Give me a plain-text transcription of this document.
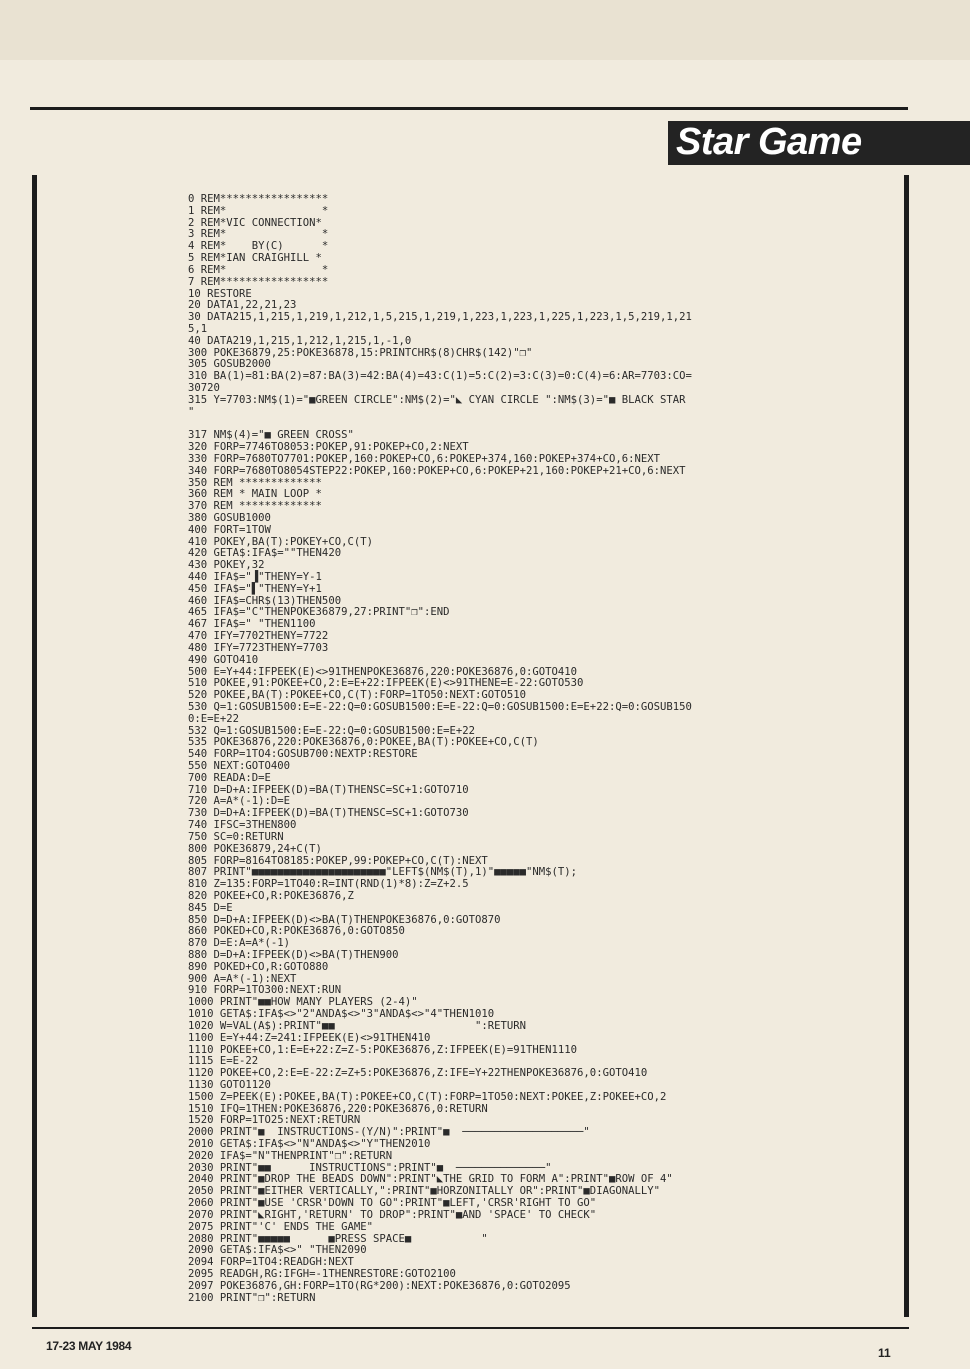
Star Game
0 REM*****************
1 REM*               *
2 REM*VIC CONNECTION*
3 REM*               *
4 REM*    BY(C)      *
5 REM*IAN CRAIGHILL *
6 REM*               *
7 REM*****************
10 RESTORE
20 DATA1,22,21,23
30 DATA215,1,215,1,219,1,212,1,5,215,1,219,1,223,1,223,1,225,1,223,1,5,219,1,21
5,1
40 DATA219,1,215,1,212,1,215,1,-1,0
300 POKE36879,25:POKE36878,15:PRINTCHR$(8)CHR$(142)"❒"
305 GOSUB2000
310 BA(1)=81:BA(2)=87:BA(3)=42:BA(4)=43:C(1)=5:C(2)=3:C(3)=0:C(4)=6:AR=7703:CO=
30720
315 Y=7703:NM$(1)="■GREEN CIRCLE":NM$(2)="◣ CYAN CIRCLE ":NM$(3)="■ BLACK STAR
"
317 NM$(4)="■ GREEN CROSS"
320 FORP=7746TO8053:POKEP,91:POKEP+CO,2:NEXT
330 FORP=7680TO7701:POKEP,160:POKEP+CO,6:POKEP+374,160:POKEP+374+CO,6:NEXT
340 FORP=7680TO8054STEP22:POKEP,160:POKEP+CO,6:POKEP+21,160:POKEP+21+CO,6:NEXT
350 REM *************
360 REM * MAIN LOOP *
370 REM *************
380 GOSUB1000
400 FORT=1TOW
410 POKEY,BA(T):POKEY+CO,C(T)
420 GETA$:IFA$=""THEN420
430 POKEY,32
440 IFA$="▐"THENY=Y-1
450 IFA$="▌"THENY=Y+1
460 IFA$=CHR$(13)THEN500
465 IFA$="C"THENPOKE36879,27:PRINT"❒":END
467 IFA$=" "THEN1100
470 IFY=7702THENY=7722
480 IFY=7723THENY=7703
490 GOTO410
500 E=Y+44:IFPEEK(E)<>91THENPOKE36876,220:POKE36876,0:GOTO410
510 POKEE,91:POKEE+CO,2:E=E+22:IFPEEK(E)<>91THENE=E-22:GOTO530
520 POKEE,BA(T):POKEE+CO,C(T):FORP=1TO50:NEXT:GOTO510
530 Q=1:GOSUB1500:E=E-22:Q=0:GOSUB1500:E=E-22:Q=0:GOSUB1500:E=E+22:Q=0:GOSUB150
0:E=E+22
532 Q=1:GOSUB1500:E=E-22:Q=0:GOSUB1500:E=E+22
535 POKE36876,220:POKE36876,0:POKEE,BA(T):POKEE+CO,C(T)
540 FORP=1TO4:GOSUB700:NEXTP:RESTORE
550 NEXT:GOTO400
700 READA:D=E
710 D=D+A:IFPEEK(D)=BA(T)THENSC=SC+1:GOTO710
720 A=A*(-1):D=E
730 D=D+A:IFPEEK(D)=BA(T)THENSC=SC+1:GOTO730
740 IFSC=3THEN800
750 SC=0:RETURN
800 POKE36879,24+C(T)
805 FORP=8164TO8185:POKEP,99:POKEP+CO,C(T):NEXT
807 PRINT"■■■■■■■■■■■■■■■■■■■■■"LEFT$(NM$(T),1)"■■■■■"NM$(T);
810 Z=135:FORP=1TO40:R=INT(RND(1)*8):Z=Z+2.5
820 POKEE+CO,R:POKE36876,Z
845 D=E
850 D=D+A:IFPEEK(D)<>BA(T)THENPOKE36876,0:GOTO870
860 POKED+CO,R:POKE36876,0:GOTO850
870 D=E:A=A*(-1)
880 D=D+A:IFPEEK(D)<>BA(T)THEN900
890 POKED+CO,R:GOTO880
900 A=A*(-1):NEXT
910 FORP=1TO300:NEXT:RUN
1000 PRINT"■■HOW MANY PLAYERS (2-4)"
1010 GETA$:IFA$<>"2"ANDA$<>"3"ANDA$<>"4"THEN1010
1020 W=VAL(A$):PRINT"■■                      ":RETURN
1100 E=Y+44:Z=241:IFPEEK(E)<>91THEN410
1110 POKEE+CO,1:E=E+22:Z=Z-5:POKE36876,Z:IFPEEK(E)=91THEN1110
1115 E=E-22
1120 POKEE+CO,2:E=E-22:Z=Z+5:POKE36876,Z:IFE=Y+22THENPOKE36876,0:GOTO410
1130 GOTO1120
1500 Z=PEEK(E):POKEE,BA(T):POKEE+CO,C(T):FORP=1TO50:NEXT:POKEE,Z:POKEE+CO,2
1510 IFQ=1THEN:POKE36876,220:POKE36876,0:RETURN
1520 FORP=1TO25:NEXT:RETURN
2000 PRINT"■  INSTRUCTIONS-(Y/N)":PRINT"■  ───────────────────"
2010 GETA$:IFA$<>"N"ANDA$<>"Y"THEN2010
2020 IFA$="N"THENPRINT"❒":RETURN
2030 PRINT"■■      INSTRUCTIONS":PRINT"■  ──────────────"
2040 PRINT"■DROP THE BEADS DOWN":PRINT"◣THE GRID TO FORM A":PRINT"■ROW OF 4"
2050 PRINT"■EITHER VERTICALLY,":PRINT"■HORZONITALLY OR":PRINT"■DIAGONALLY"
2060 PRINT"■USE 'CRSR'DOWN TO GO":PRINT"■LEFT,'CRSR'RIGHT TO GO"
2070 PRINT"◣RIGHT,'RETURN' TO DROP":PRINT"■AND 'SPACE' TO CHECK"
2075 PRINT"'C' ENDS THE GAME"
2080 PRINT"■■■■■      ■PRESS SPACE■           "
2090 GETA$:IFA$<>" "THEN2090
2094 FORP=1TO4:READGH:NEXT
2095 READGH,RG:IFGH=-1THENRESTORE:GOTO2100
2097 POKE36876,GH:FORP=1TO(RG*200):NEXT:POKE36876,0:GOTO2095
2100 PRINT"❒":RETURN
17-23 MAY 1984	11
